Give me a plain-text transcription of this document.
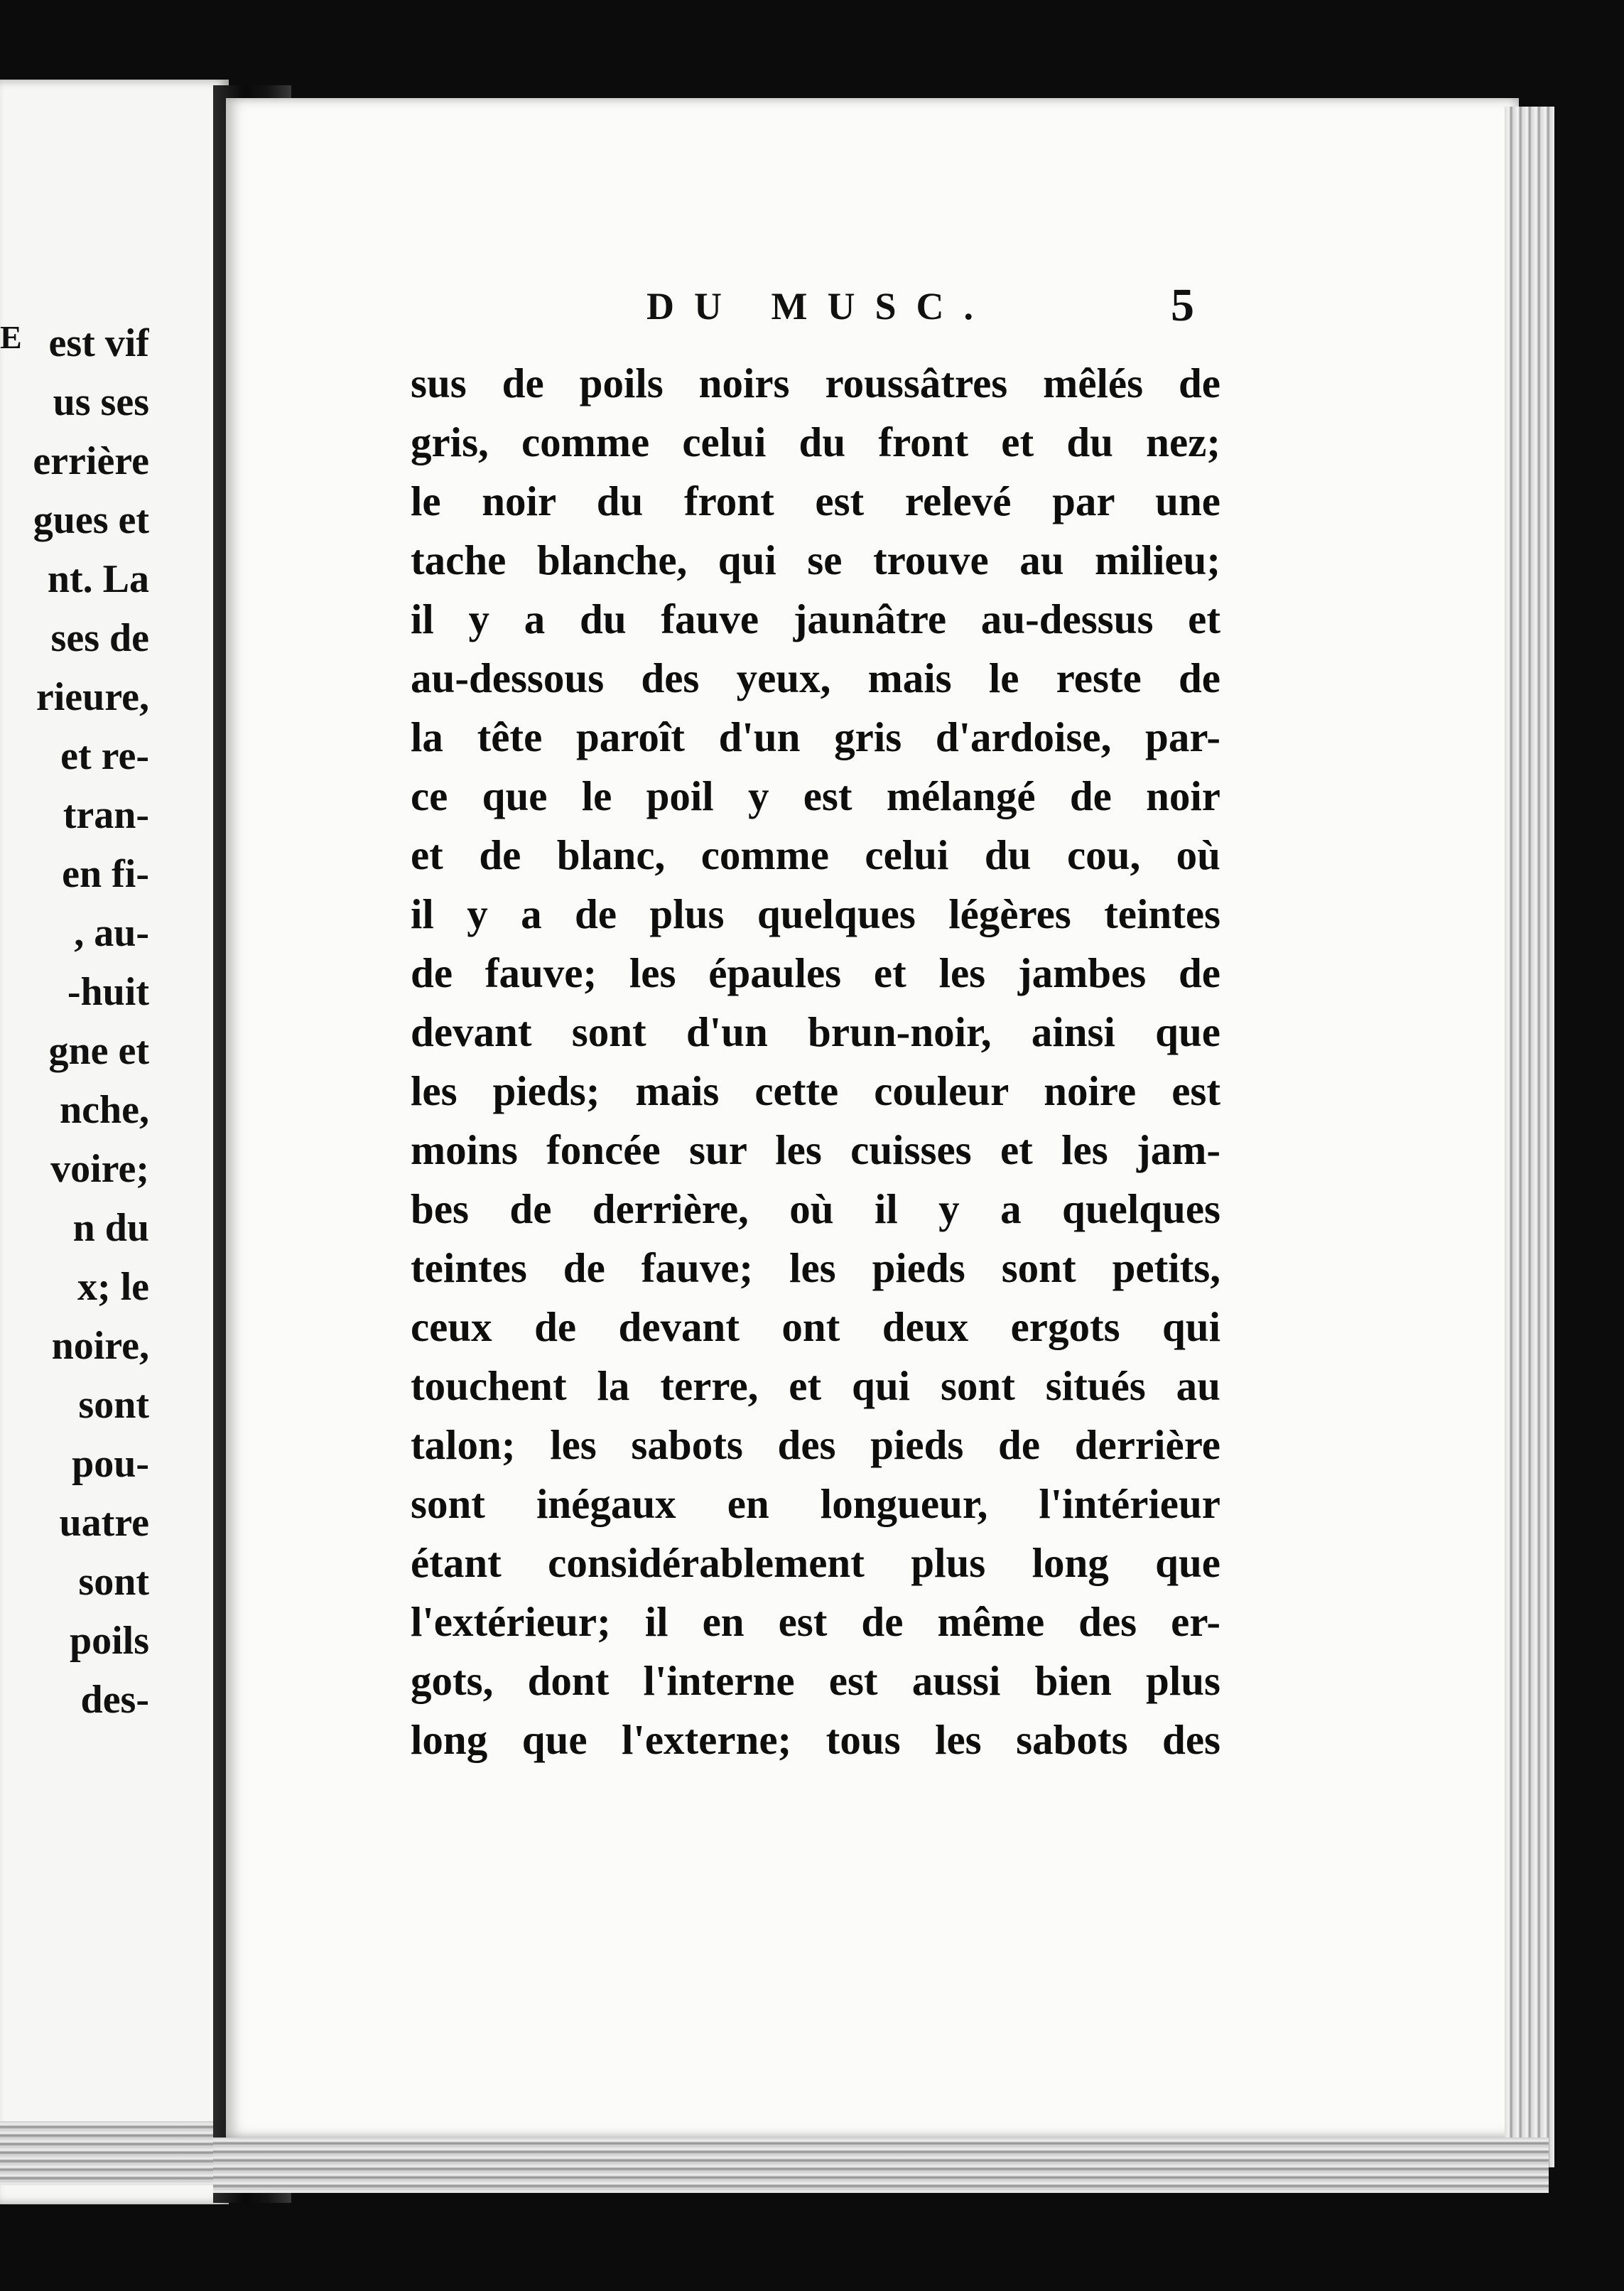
E est vif
us ses
errière
gues et
nt. La
ses de
rieure,
et re-
tran-
en fi-
, au-
-huit
gne et
nche,
voire;
n du
x; le
noire,
sont
pou-
uatre
sont
poils
des-
DU MUSC.	5
sus de poils noirs roussâtres mêlés de
gris, comme celui du front et du nez;
le noir du front est relevé par une
tache blanche, qui se trouve au milieu;
il y a du fauve jaunâtre au-dessus et
au-dessous des yeux, mais le reste de
la tête paroît d'un gris d'ardoise, par-
ce que le poil y est mélangé de noir
et de blanc, comme celui du cou, où
il y a de plus quelques légères teintes
de fauve; les épaules et les jambes de
devant sont d'un brun-noir, ainsi que
les pieds; mais cette couleur noire est
moins foncée sur les cuisses et les jam-
bes de derrière, où il y a quelques
teintes de fauve; les pieds sont petits,
ceux de devant ont deux ergots qui
touchent la terre, et qui sont situés au
talon; les sabots des pieds de derrière
sont inégaux en longueur, l'intérieur
étant considérablement plus long que
l'extérieur; il en est de même des er-
gots, dont l'interne est aussi bien plus
long que l'externe; tous les sabots des
